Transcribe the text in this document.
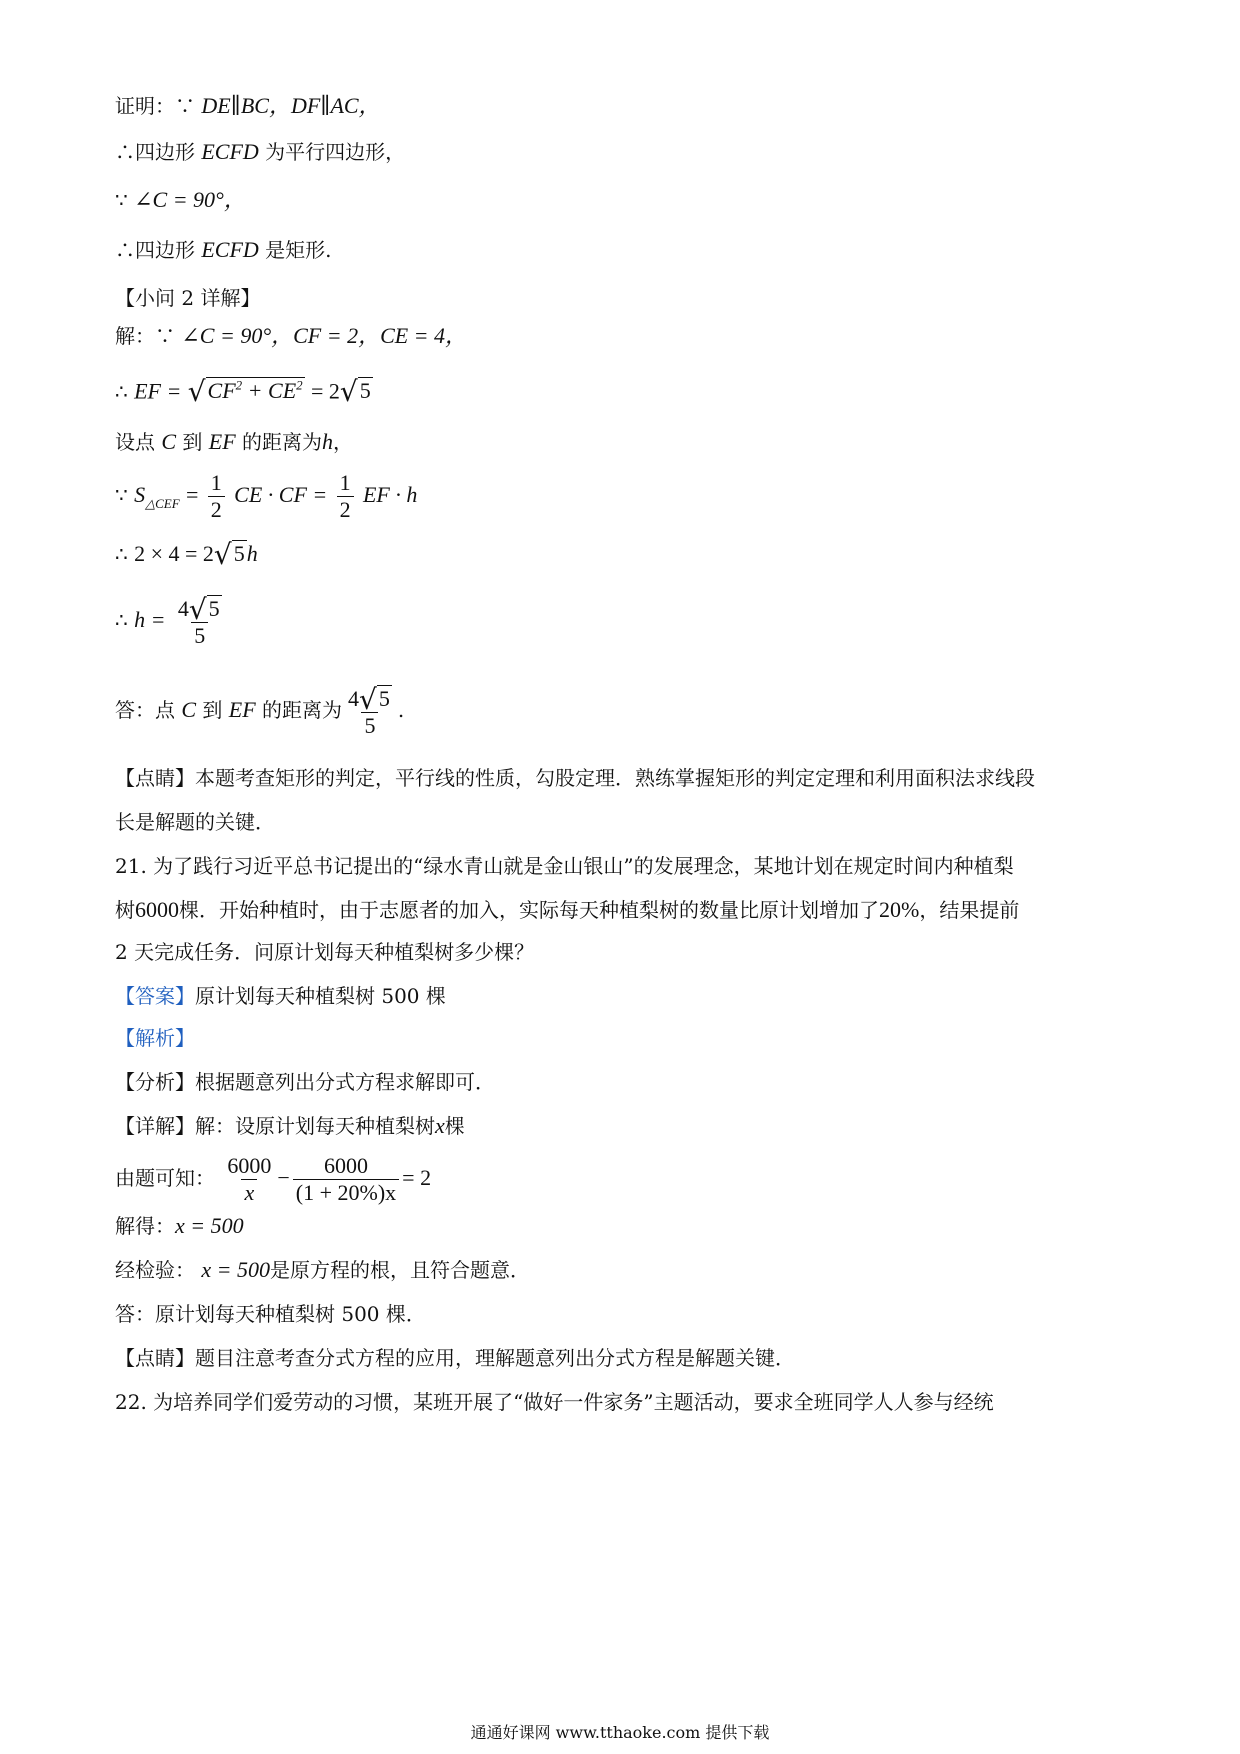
证明：∵ DE∥BC，DF∥AC，
∴四边形 ECFD 为平行四边形，
∵ ∠C = 90°，
∴四边形 ECFD 是矩形.
【小问 2 详解】
解：∵ ∠C = 90°，CF = 2，CE = 4，
∴ EF = $√CF^2 + CE^2 = 2√5$
设点 C 到 EF 的距离为h，
∵ $S_{\triangle CEF} = \frac{1}{2}$ CE · CF = $\frac{1}{2}$ EF · h
∴ 2 × 4 = 2√5h
∴ $h = \frac{4√5}{5}$
答：点 C 到 EF 的距离为 $\frac{4√5}{5}$ .
【点睛】本题考查矩形的判定，平行线的性质，勾股定理．熟练掌握矩形的判定定理和利用面积法求线段
长是解题的关键．
21. 为了践行习近平总书记提出的“绿水青山就是金山银山”的发展理念，某地计划在规定时间内种植梨
树6000棵．开始种植时，由于志愿者的加入，实际每天种植梨树的数量比原计划增加了20%，结果提前
2 天完成任务．问原计划每天种植梨树多少棵？
【答案】原计划每天种植梨树 500 棵
【解析】
【分析】根据题意列出分式方程求解即可．
【详解】解：设原计划每天种植梨树x棵
由题可知： $\frac{6000}{x} - \frac{6000}{(1 + 20\%)x} = 2$
解得：x = 500
经检验： x = 500是原方程的根，且符合题意．
答：原计划每天种植梨树 500 棵．
【点睛】题目注意考查分式方程的应用，理解题意列出分式方程是解题关键．
22. 为培养同学们爱劳动的习惯，某班开展了“做好一件家务”主题活动，要求全班同学人人参与经统
通通好课网 www.tthaoke.com 提供下载
